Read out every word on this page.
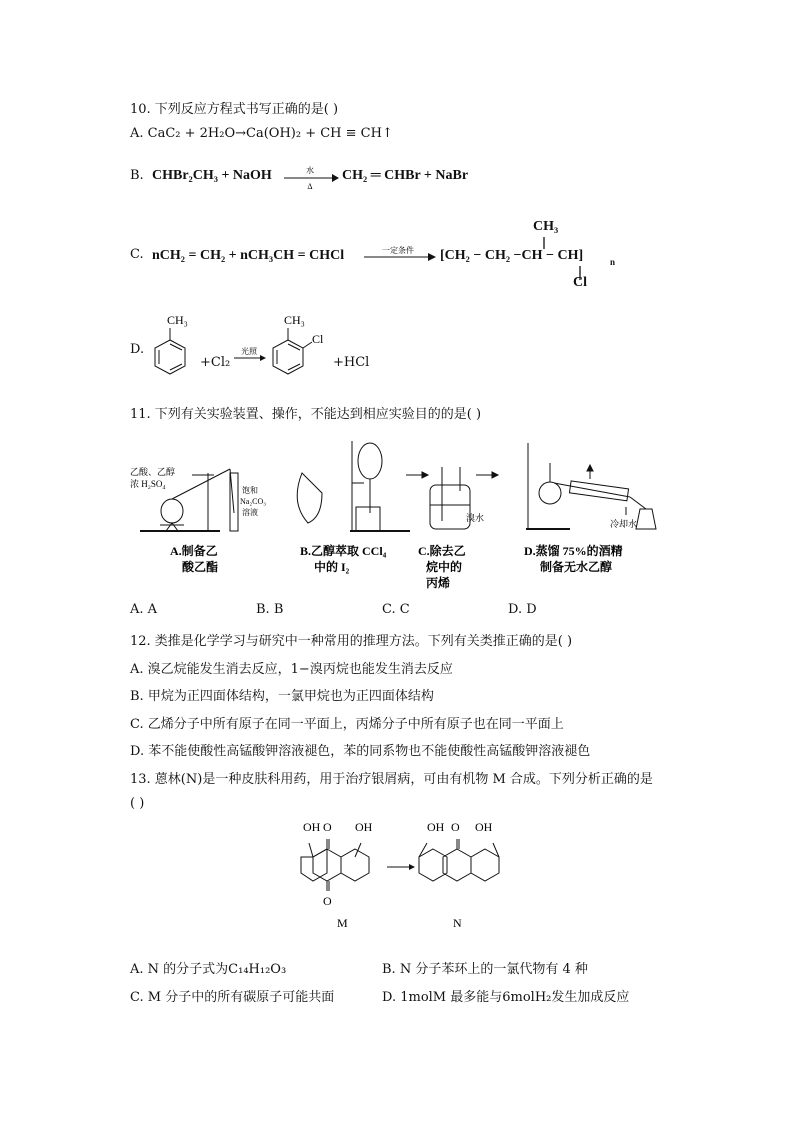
10. 下列反应方程式书写正确的是( )
A. CaC₂ + 2H₂O→Ca(OH)₂ + CH ≡ CH↑
B. CHBr₂CH₃ + NaOH	水
Δ
CH₂ ═ CHBr + NaBr
C. nCH₂ = CH₂ + nCH₃CH = CHCl	一定条件 [CH₂ − CH₂ −CH − CH]	n
CH₃
Cl
D.
CH₃
+Cl₂
光照
CH₃
Cl
+HCl
11. 下列有关实验装置、操作，不能达到相应实验目的的是( )
乙酸、乙醇
浓 H₂SO₄
饱和
Na₂CO₃
溶液
A.制备乙
酸乙酯
B.乙醇萃取 CCl₄
中的 I₂
溴水
C.除去乙
烷中的
丙烯
冷却水
D.蒸馏 75%的酒精
制备无水乙醇
A. A	B. B	C. C	D. D
12. 类推是化学学习与研究中一种常用的推理方法。下列有关类推正确的是( )
A. 溴乙烷能发生消去反应，1−溴丙烷也能发生消去反应
B. 甲烷为正四面体结构，一氯甲烷也为正四面体结构
C. 乙烯分子中所有原子在同一平面上，丙烯分子中所有原子也在同一平面上
D. 苯不能使酸性高锰酸钾溶液褪色，苯的同系物也不能使酸性高锰酸钾溶液褪色
13. 蒽林(N)是一种皮肤科用药，用于治疗银屑病，可由有机物 M 合成。下列分析正确的是
( )
OH O OH
O
M
OH O OH
N
A. N 的分子式为C₁₄H₁₂O₃	B. N 分子苯环上的一氯代物有 4 种
C. M 分子中的所有碳原子可能共面	D. 1molM 最多能与6molH₂发生加成反应
